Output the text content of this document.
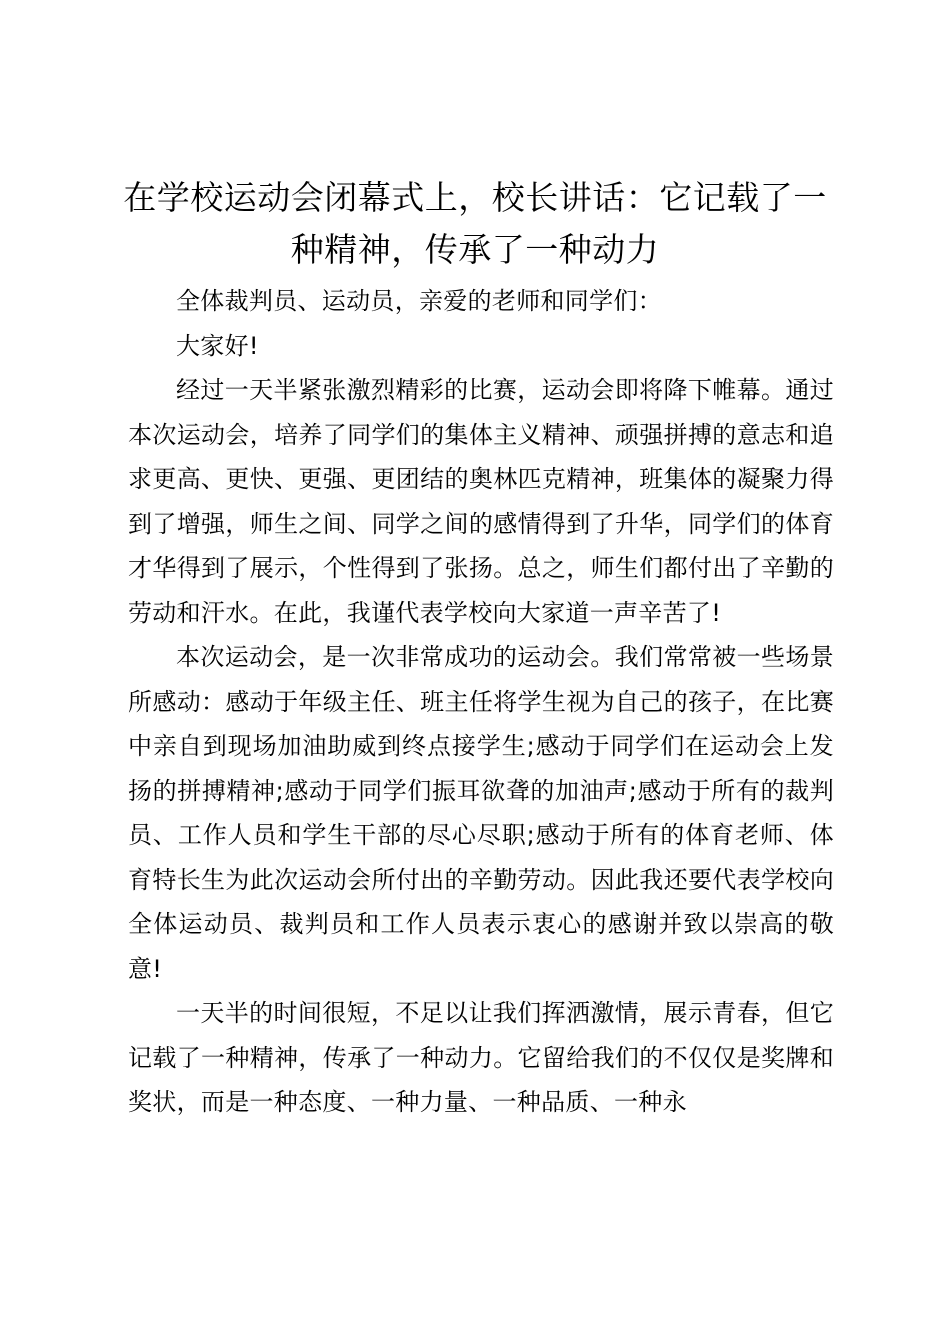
在学校运动会闭幕式上，校长讲话：它记载了一种精神，传承了一种动力

全体裁判员、运动员，亲爱的老师和同学们：

大家好!

经过一天半紧张激烈精彩的比赛，运动会即将降下帷幕。通过本次运动会，培养了同学们的集体主义精神、顽强拼搏的意志和追求更高、更快、更强、更团结的奥林匹克精神，班集体的凝聚力得到了增强，师生之间、同学之间的感情得到了升华，同学们的体育才华得到了展示，个性得到了张扬。总之，师生们都付出了辛勤的劳动和汗水。在此，我谨代表学校向大家道一声辛苦了!

本次运动会，是一次非常成功的运动会。我们常常被一些场景所感动：感动于年级主任、班主任将学生视为自己的孩子，在比赛中亲自到现场加油助威到终点接学生;感动于同学们在运动会上发扬的拼搏精神;感动于同学们振耳欲聋的加油声;感动于所有的裁判员、工作人员和学生干部的尽心尽职;感动于所有的体育老师、体育特长生为此次运动会所付出的辛勤劳动。因此我还要代表学校向全体运动员、裁判员和工作人员表示衷心的感谢并致以崇高的敬意!

一天半的时间很短，不足以让我们挥洒激情，展示青春，但它记载了一种精神，传承了一种动力。它留给我们的不仅仅是奖牌和奖状，而是一种态度、一种力量、一种品质、一种永
